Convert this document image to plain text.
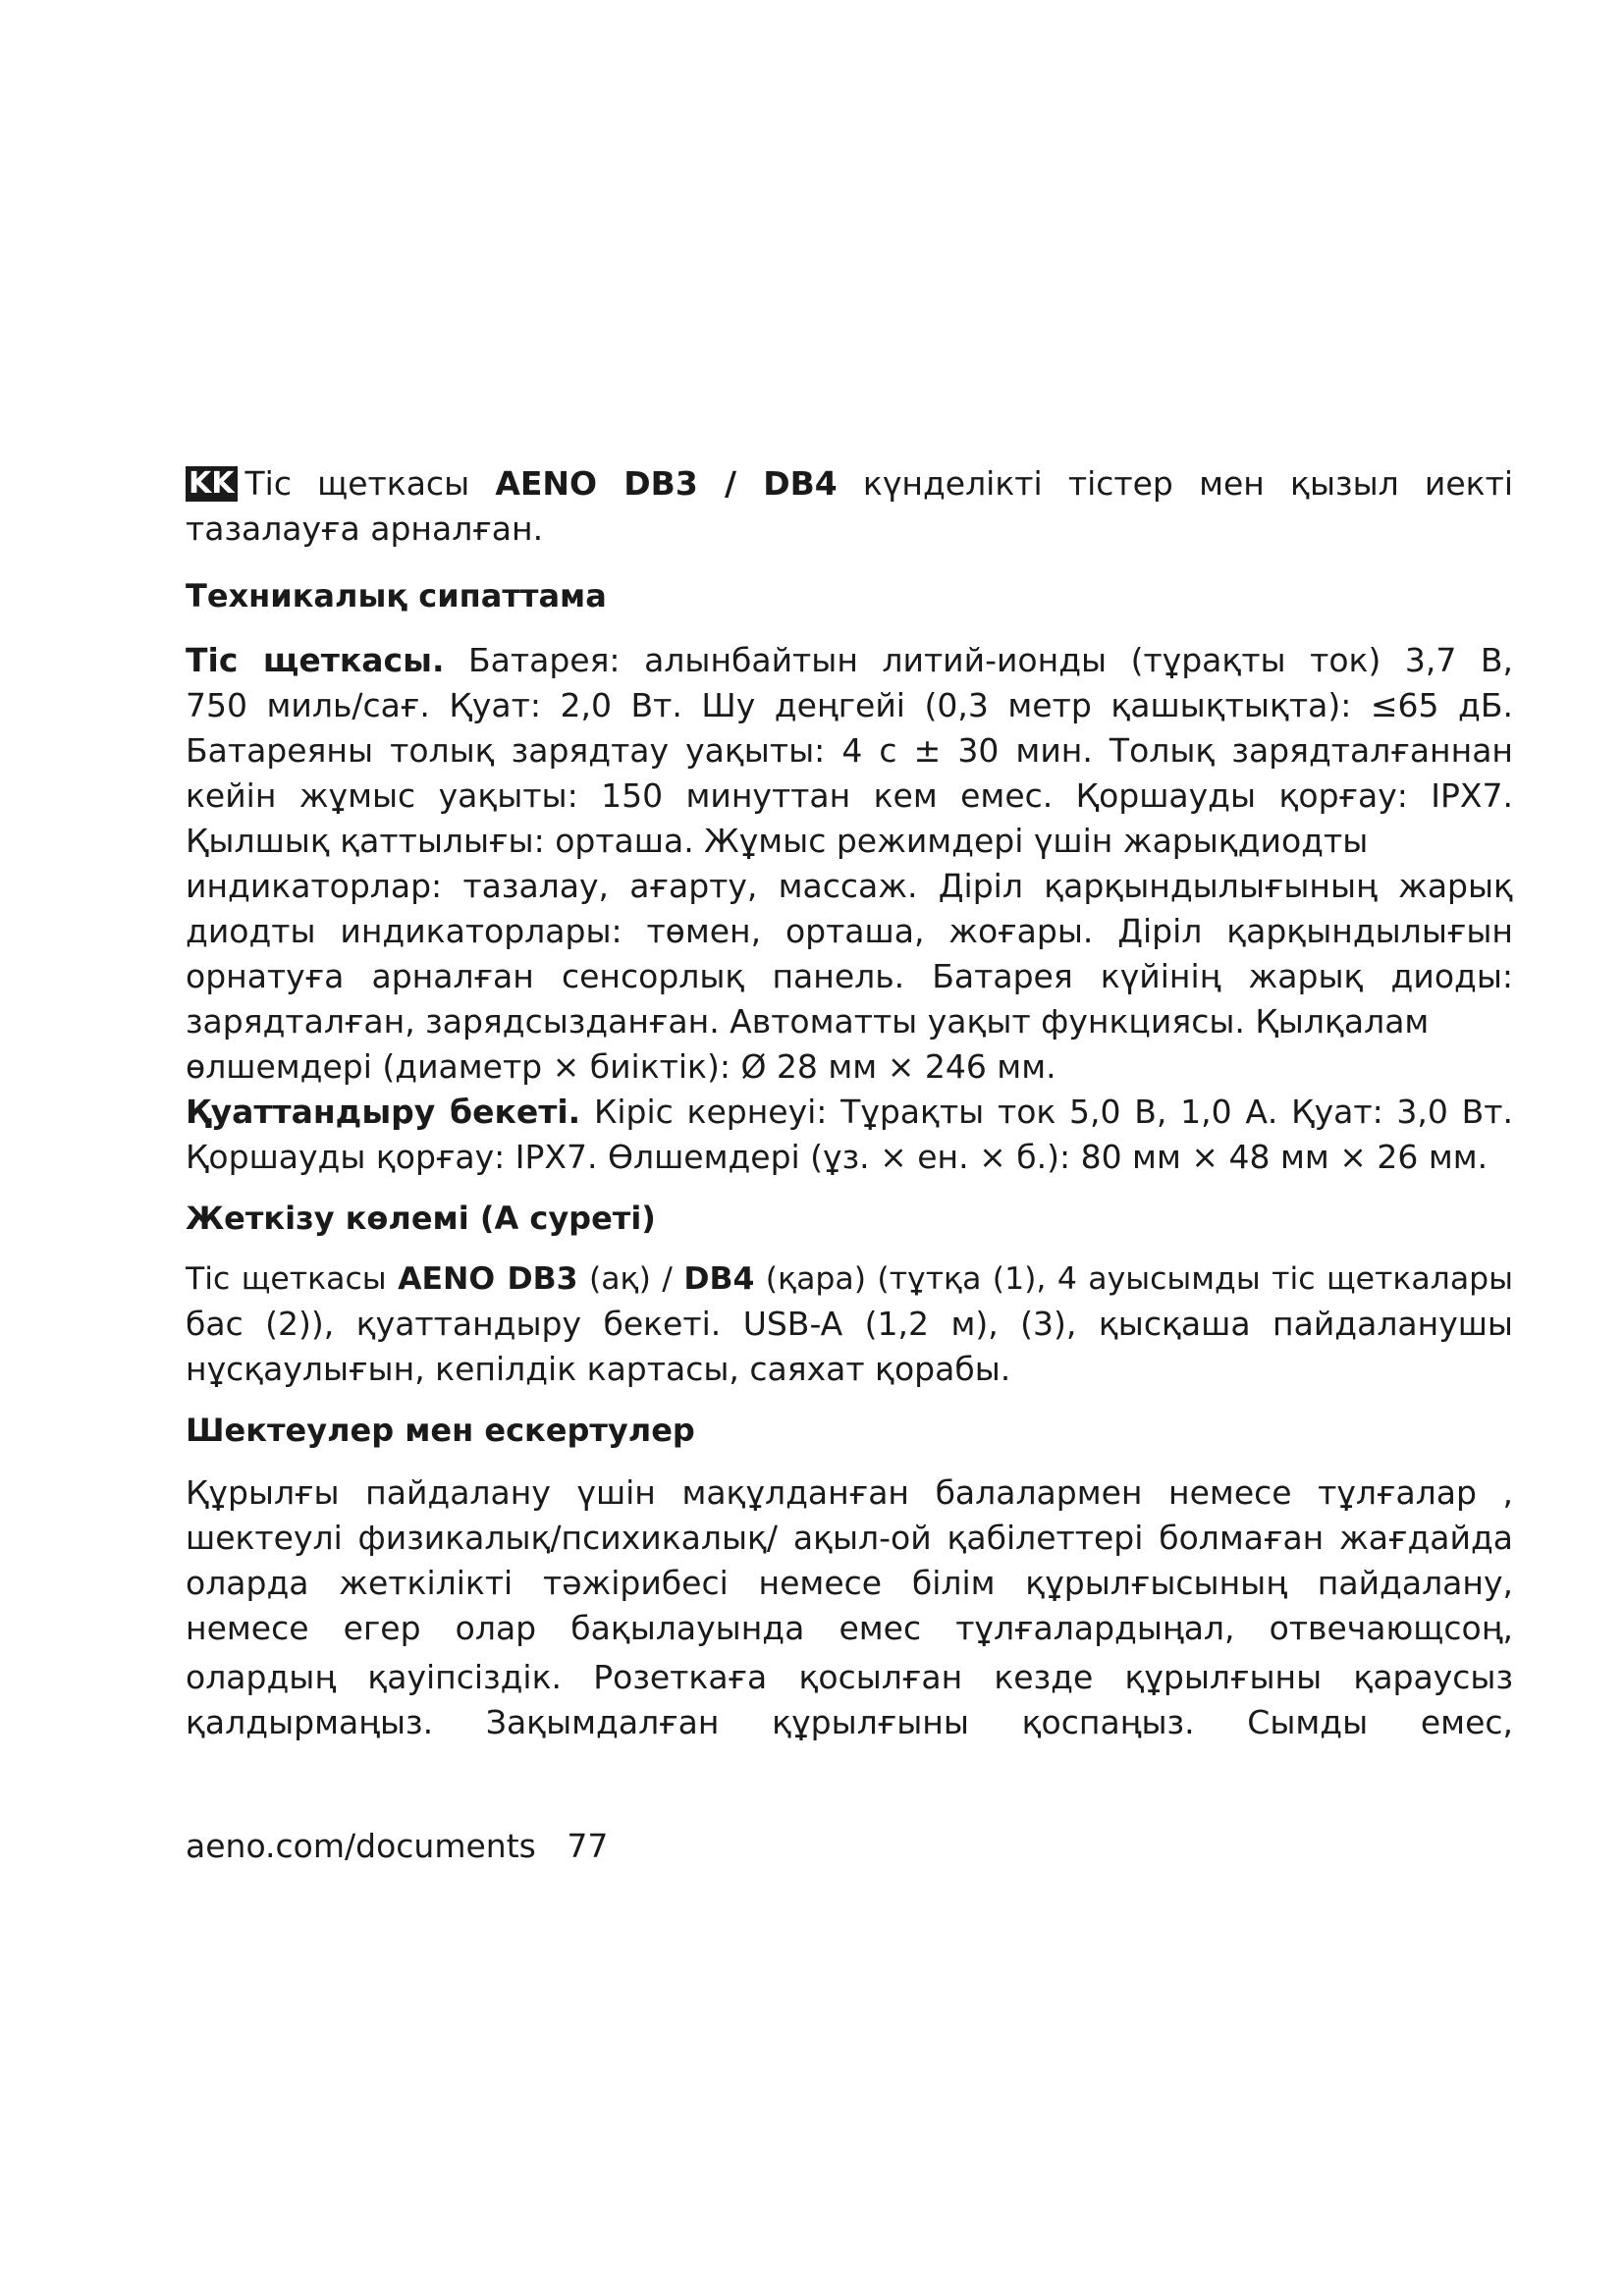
KK Тіс щеткасы AENO DB3 / DB4 күнделікті тістер мен қызыл иекті
тазалауға арналған.

Техникалық сипаттама

Тіс щеткасы. Батарея: алынбайтын литий-ионды (тұрақты ток) 3,7 В,
750 миль/сағ. Қуат: 2,0 Вт. Шу деңгейі (0,3 метр қашықтықта): ≤65 дБ.
Батареяны толық зарядтау уақыты: 4 с ± 30 мин. Толық зарядталғаннан
кейін жұмыс уақыты: 150 минуттан кем емес. Қоршауды қорғау: IPX7.
Қылшық қаттылығы: орташа. Жұмыс режимдері үшін жарықдиодты
индикаторлар: тазалау, ағарту, массаж. Діріл қарқындылығының жарық
диодты индикаторлары: төмен, орташа, жоғары. Діріл қарқындылығын
орнатуға арналған сенсорлық панель. Батарея күйінің жарық диоды:
зарядталған, зарядсызданған. Автоматты уақыт функциясы. Қылқалам
өлшемдері (диаметр × биіктік): Ø 28 мм × 246 мм.

Қуаттандыру бекеті. Кіріс кернеуі: Тұрақты ток 5,0 В, 1,0 А. Қуат: 3,0 Вт.
Қоршауды қорғау: IPX7. Өлшемдері (ұз. × ен. × б.): 80 мм × 48 мм × 26 мм.

Жеткізу көлемі (A суреті)

Тіс щеткасы AENO DB3 (ақ) / DB4 (қара) (тұтқа (1), 4 ауысымды тіс щеткалары
бас (2)), қуаттандыру бекеті. USB-A (1,2 м), (3), қысқаша пайдаланушы
нұсқаулығын, кепілдік картасы, саяхат қорабы.

Шектеулер мен ескертулер

Құрылғы пайдалану үшін мақұлданған балалармен немесе тұлғалар ,
шектеулі физикалық/психикалық/ ақыл-ой қабілеттері болмаған жағдайда
оларда жеткілікті тәжірибесі немесе білім құрылғысының пайдалану,
немесе егер олар бақылауында емес тұлғалардыңал, отвечающсоң,
олардың қауіпсіздік. Розеткаға қосылған кезде құрылғыны қараусыз
қалдырмаңыз. Зақымдалған құрылғыны қоспаңыз. Сымды емес,

aeno.com/documents 77
